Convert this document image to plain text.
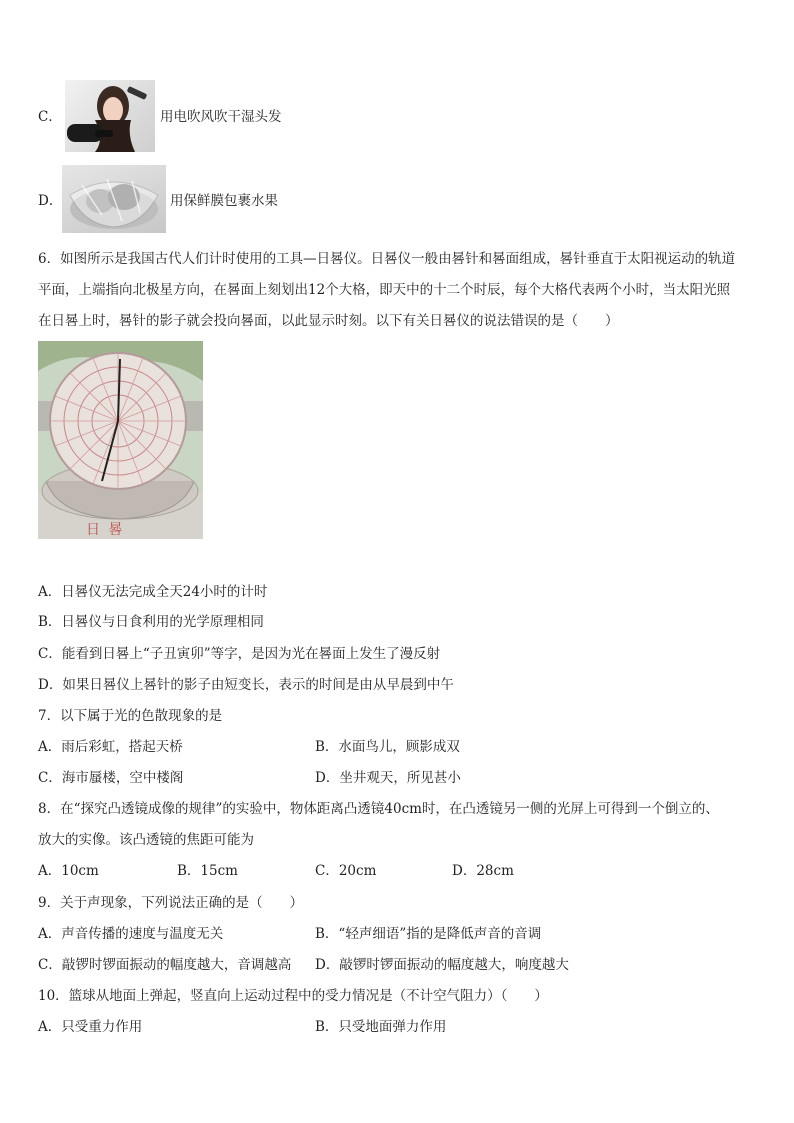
C．	用电吹风吹干湿头发
D．	用保鲜膜包裹水果
6．如图所示是我国古代人们计时使用的工具—日晷仪。日晷仪一般由晷针和晷面组成，晷针垂直于太阳视运动的轨道
平面，上端指向北极星方向，在晷面上刻划出12个大格，即天中的十二个时辰，每个大格代表两个小时，当太阳光照
在日晷上时，晷针的影子就会投向晷面，以此显示时刻。以下有关日晷仪的说法错误的是（　　）
日 晷
A．日晷仪无法完成全天24小时的计时
B．日晷仪与日食利用的光学原理相同
C．能看到日晷上“子丑寅卯”等字，是因为光在晷面上发生了漫反射
D．如果日晷仪上晷针的影子由短变长，表示的时间是由从早晨到中午
7．以下属于光的色散现象的是
A．雨后彩虹，搭起天桥	B．水面鸟儿，顾影成双
C．海市蜃楼，空中楼阁	D．坐井观天，所见甚小
8．在“探究凸透镜成像的规律”的实验中，物体距离凸透镜40cm时，在凸透镜另一侧的光屏上可得到一个倒立的、
放大的实像。该凸透镜的焦距可能为
A．10cm	B．15cm	C．20cm	D．28cm
9．关于声现象，下列说法正确的是（　　）
A．声音传播的速度与温度无关	B．“轻声细语”指的是降低声音的音调
C．敲锣时锣面振动的幅度越大，音调越高 D．敲锣时锣面振动的幅度越大，响度越大
10．篮球从地面上弹起，竖直向上运动过程中的受力情况是（不计空气阻力）（　　）
A．只受重力作用	B．只受地面弹力作用
